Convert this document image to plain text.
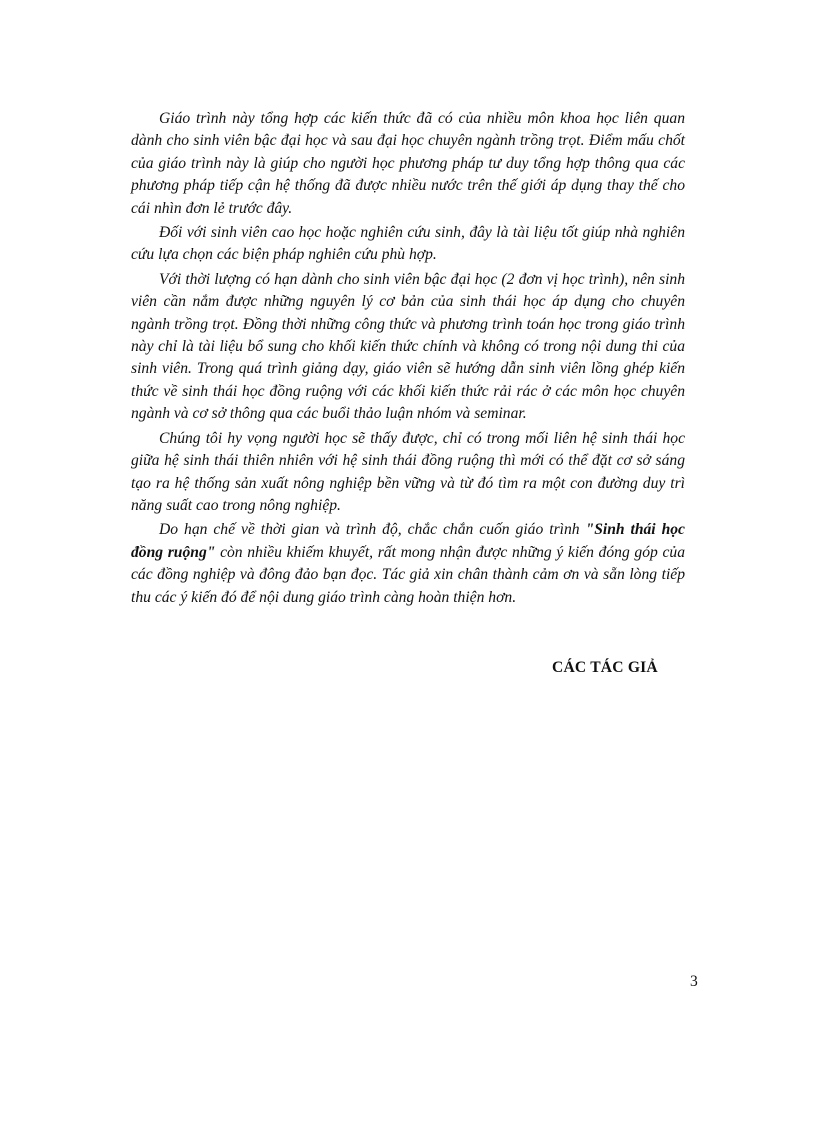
Giáo trình này tổng hợp các kiến thức đã có của nhiều môn khoa học liên quan dành cho sinh viên bậc đại học và sau đại học chuyên ngành trồng trọt. Điểm mấu chốt của giáo trình này là giúp cho người học phương pháp tư duy tổng hợp thông qua các phương pháp tiếp cận hệ thống đã được nhiều nước trên thế giới áp dụng thay thế cho cái nhìn đơn lẻ trước đây.

Đối với sinh viên cao học hoặc nghiên cứu sinh, đây là tài liệu tốt giúp nhà nghiên cứu lựa chọn các biện pháp nghiên cứu phù hợp.

Với thời lượng có hạn dành cho sinh viên bậc đại học (2 đơn vị học trình), nên sinh viên cần nắm được những nguyên lý cơ bản của sinh thái học áp dụng cho chuyên ngành trồng trọt. Đồng thời những công thức và phương trình toán học trong giáo trình này chỉ là tài liệu bổ sung cho khối kiến thức chính và không có trong nội dung thi của sinh viên. Trong quá trình giảng dạy, giáo viên sẽ hướng dẫn sinh viên lồng ghép kiến thức về sinh thái học đồng ruộng với các khối kiến thức rải rác ở các môn học chuyên ngành và cơ sở thông qua các buổi thảo luận nhóm và seminar.

Chúng tôi hy vọng người học sẽ thấy được, chỉ có trong mối liên hệ sinh thái học giữa hệ sinh thái thiên nhiên với hệ sinh thái đồng ruộng thì mới có thể đặt cơ sở sáng tạo ra hệ thống sản xuất nông nghiệp bền vững và từ đó tìm ra một con đường duy trì năng suất cao trong nông nghiệp.

Do hạn chế về thời gian và trình độ, chắc chắn cuốn giáo trình "Sinh thái học đồng ruộng" còn nhiều khiếm khuyết, rất mong nhận được những ý kiến đóng góp của các đồng nghiệp và đông đảo bạn đọc. Tác giả xin chân thành cảm ơn và sẵn lòng tiếp thu các ý kiến đó để nội dung giáo trình càng hoàn thiện hơn.

CÁC TÁC GIẢ
3
